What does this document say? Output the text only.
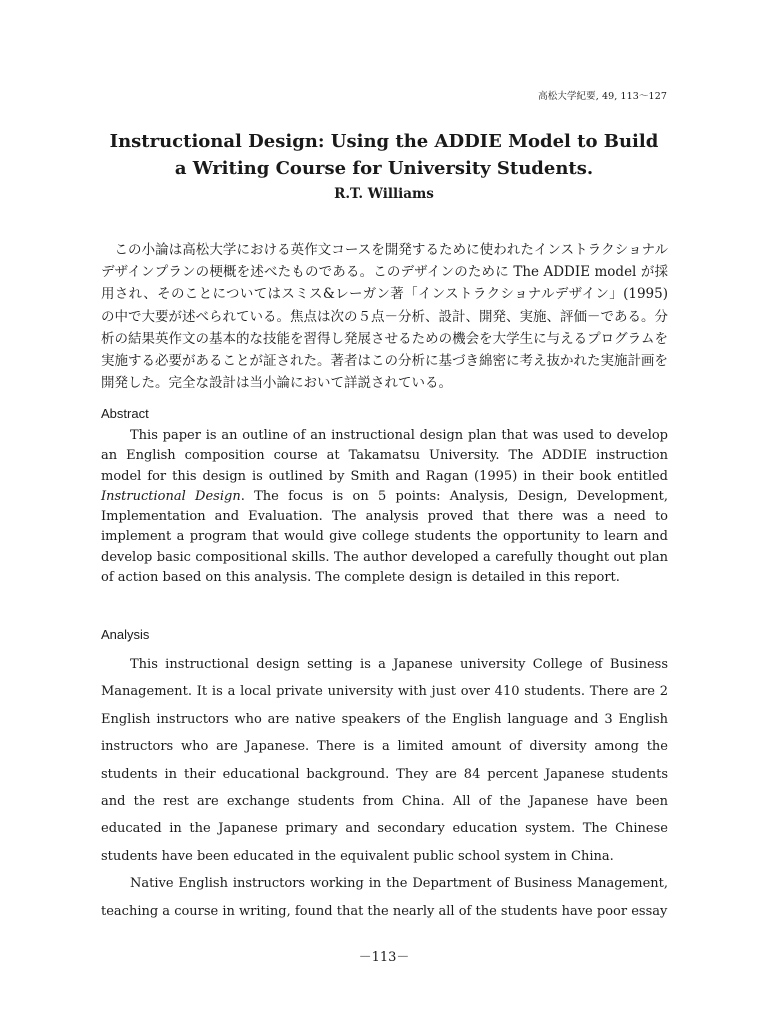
高松大学紀要, 49, 113〜127
Instructional Design: Using the ADDIE Model to Build
a Writing Course for University Students.
R.T. Williams
この小論は高松大学における英作文コースを開発するために使われたインストラクショナルデザインプランの梗概を述べたものである。このデザインのために The ADDIE model が採用され、そのことについてはスミス&レーガン著「インストラクショナルデザイン」(1995) の中で大要が述べられている。焦点は次の５点－分析、設計、開発、実施、評価－である。分析の結果英作文の基本的な技能を習得し発展させるための機会を大学生に与えるプログラムを実施する必要があることが証された。著者はこの分析に基づき綿密に考え抜かれた実施計画を開発した。完全な設計は当小論において詳説されている。
Abstract
This paper is an outline of an instructional design plan that was used to develop an English composition course at Takamatsu University. The ADDIE instruction model for this design is outlined by Smith and Ragan (1995) in their book entitled Instructional Design. The focus is on 5 points: Analysis, Design, Development, Implementation and Evaluation. The analysis proved that there was a need to implement a program that would give college students the opportunity to learn and develop basic compositional skills. The author developed a carefully thought out plan of action based on this analysis. The complete design is detailed in this report.
Analysis

This instructional design setting is a Japanese university College of Business Management. It is a local private university with just over 410 students. There are 2 English instructors who are native speakers of the English language and 3 English instructors who are Japanese. There is a limited amount of diversity among the students in their educational background. They are 84 percent Japanese students and the rest are exchange students from China. All of the Japanese have been educated in the Japanese primary and secondary education system. The Chinese students have been educated in the equivalent public school system in China.

Native English instructors working in the Department of Business Management, teaching a course in writing, found that the nearly all of the students have poor essay

－113－
